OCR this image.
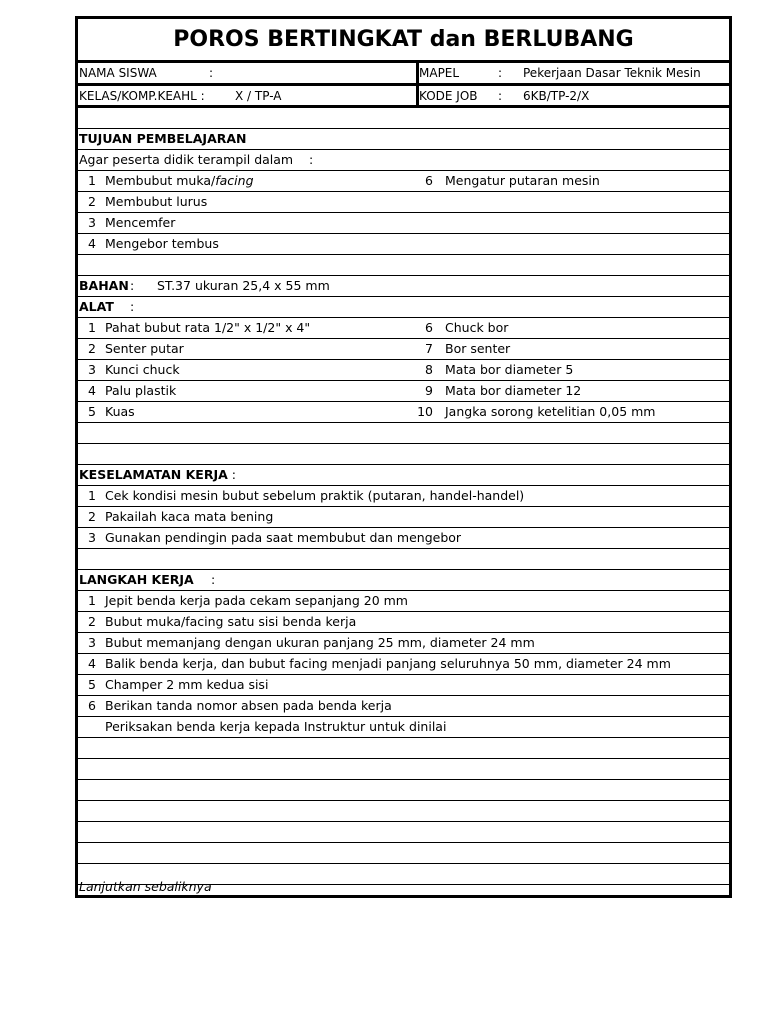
POROS BERTINGKAT dan BERLUBANG
NAMA SISWA	:	MAPEL	: Pekerjaan Dasar Teknik Mesin
KELAS/KOMP.KEAHL :	X / TP-A	KODE JOB : 6KB/TP-2/X
TUJUAN PEMBELAJARAN
Agar peserta didik terampil dalam    :
1 Membubut muka/facing	6 Mengatur putaran mesin
2 Membubut lurus
3 Mencemfer
4 Mengebor tembus
BAHAN : ST.37 ukuran 25,4 x 55 mm
ALAT :
1 Pahat bubut rata 1/2" x 1/2" x 4"	6 Chuck bor
2 Senter putar	7 Bor senter
3 Kunci chuck	8 Mata bor diameter 5
4 Palu plastik	9 Mata bor diameter 12
5 Kuas	10 Jangka sorong ketelitian 0,05 mm
KESELAMATAN KERJA :
1 Cek kondisi mesin bubut sebelum praktik (putaran, handel-handel)
2 Pakailah kaca mata bening
3 Gunakan pendingin pada saat membubut dan mengebor
LANGKAH KERJA :
1 Jepit benda kerja pada cekam sepanjang 20 mm
2 Bubut muka/facing satu sisi benda kerja
3 Bubut memanjang dengan ukuran panjang 25 mm, diameter 24 mm
4 Balik benda kerja, dan bubut facing menjadi panjang seluruhnya 50 mm, diameter 24 mm
5 Champer 2 mm kedua sisi
6 Berikan tanda nomor absen pada benda kerja
Periksakan benda kerja kepada Instruktur untuk dinilai
Lanjutkan sebaliknya
